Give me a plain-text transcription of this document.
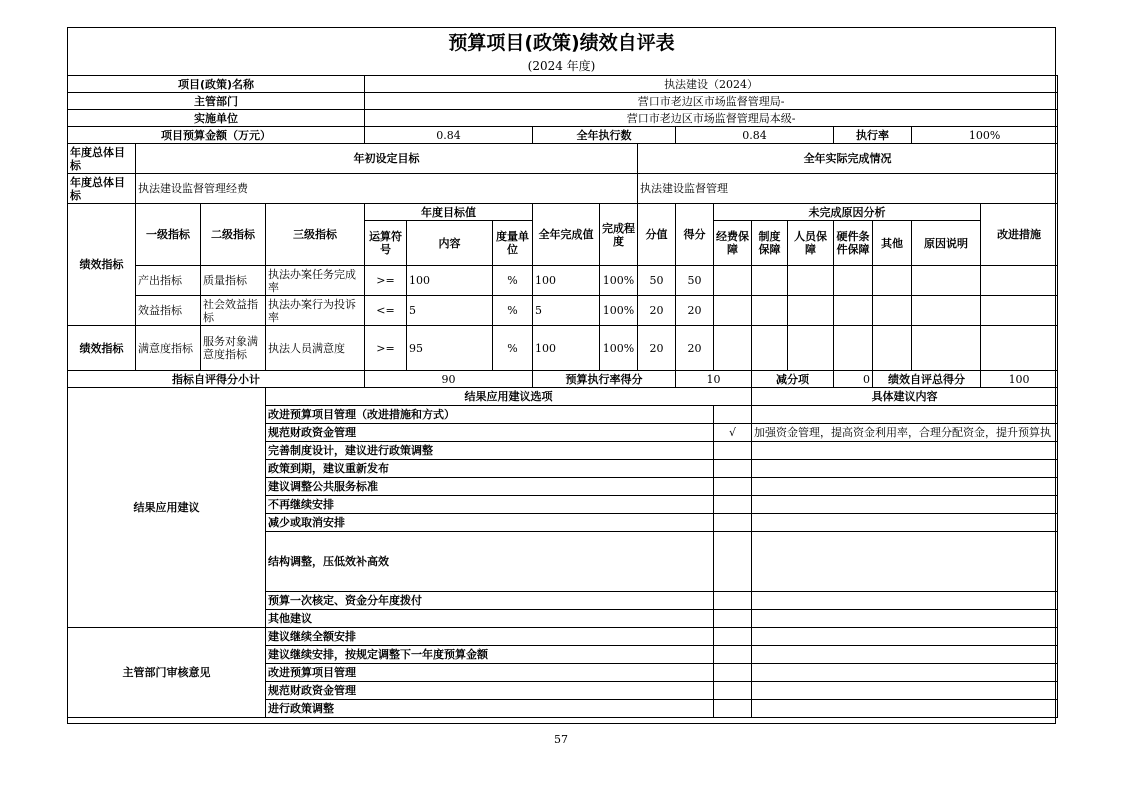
预算项目(政策)绩效自评表
(2024 年度)
项目(政策)名称				执法建设（2024）													
主管部门				营口市老边区市场监督管理局-													
实施单位				营口市老边区市场监督管理局本级-													
项目预算金额（万元）				0.84			全年执行数			0.84				执行率		100%	
年度总体目标	年初设定目标								全年实际完成情况								
年度总体目标	执法建设监督管理经费								执法建设监督管理								
绩效指标	一级指标	二级指标	三级指标	年度目标值			全年完成值	完成程度	分值	得分	未完成原因分析						改进措施
				运算符号	内容	度量单位					经费保障	制度保障	人员保障	硬件条件保障	其他	原因说明	
	产出指标	质量指标	执法办案任务完成率	>=	100	%	100	100%	50	50							
	效益指标	社会效益指标	执法办案行为投诉率	<=	5	%	5	100%	20	20							
绩效指标	满意度指标	服务对象满意度指标	执法人员满意度	>=	95	%	100	100%	20	20							
指标自评得分小计				90			预算执行率得分			10		减分项		0	绩效自评总得分		100
结果应用建议			结果应用建议选项									具体建议内容					
			改进预算项目管理（改进措施和方式）														
			规范财政资金管理								√	加强资金管理，提高资金利用率，合理分配资金，提升预算执					
			完善制度设计，建议进行政策调整														
			政策到期，建议重新发布														
			建议调整公共服务标准														
			不再继续安排														
			减少或取消安排														
			结构调整，压低效补高效														
			预算一次核定、资金分年度拨付														
			其他建议														
主管部门审核意见			建议继续全额安排														
			建议继续安排，按规定调整下一年度预算金额														
			改进预算项目管理														
			规范财政资金管理														
			进行政策调整														
57
